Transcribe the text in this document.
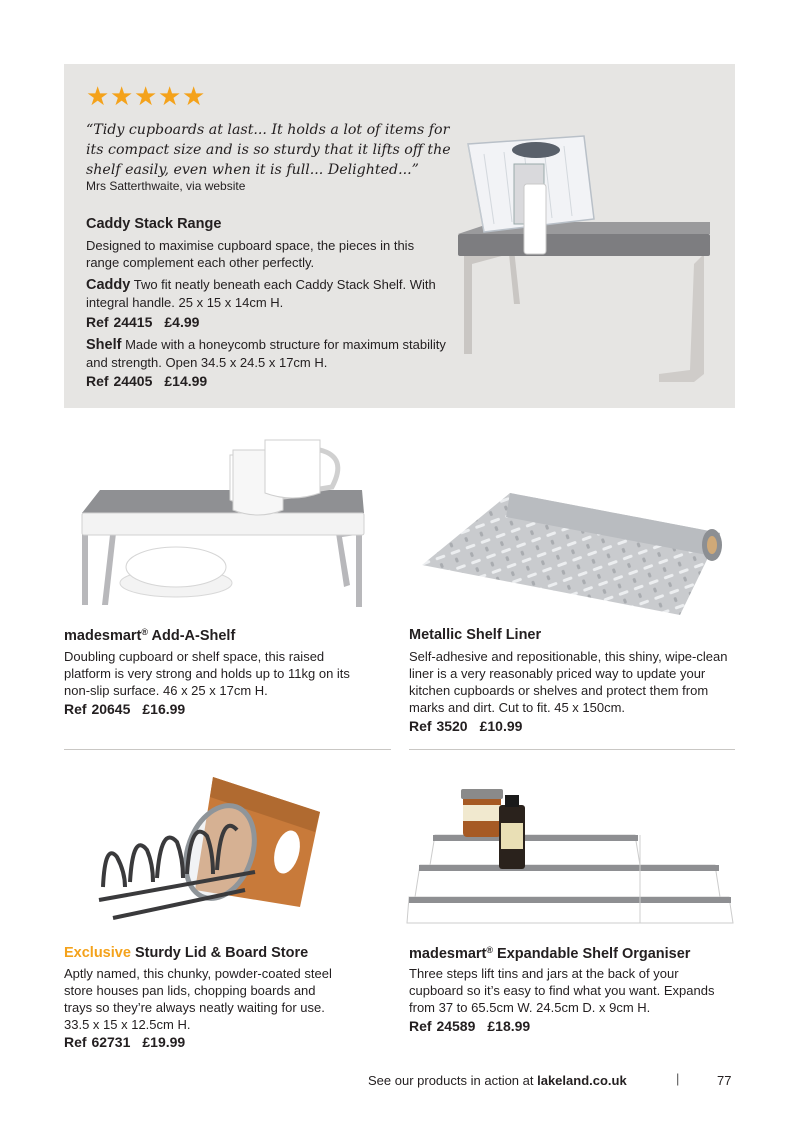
★ ★ ★ ★ ★
“Tidy cupboards at last... It holds a lot of items for its compact size and is so sturdy that it lifts off the shelf easily, even when it is full... Delighted...”
Mrs Satterthwaite, via website
Caddy Stack Range
Designed to maximise cupboard space, the pieces in this range complement each other perfectly.
Caddy Two fit neatly beneath each Caddy Stack Shelf. With integral handle. 25 x 15 x 14cm H.
Ref 24415 £4.99
Shelf Made with a honeycomb structure for maximum stability and strength. Open 34.5 x 24.5 x 17cm H.
Ref 24405 £14.99
madesmart® Add-A-Shelf
Doubling cupboard or shelf space, this raised platform is very strong and holds up to 11kg on its non-slip surface. 46 x 25 x 17cm H.
Ref 20645 £16.99
Metallic Shelf Liner
Self-adhesive and repositionable, this shiny, wipe-clean liner is a very reasonably priced way to update your kitchen cupboards or shelves and protect them from marks and dirt. Cut to fit. 45 x 150cm.
Ref 3520 £10.99
Exclusive Sturdy Lid & Board Store
Aptly named, this chunky, powder-coated steel store houses pan lids, chopping boards and trays so they’re always neatly waiting for use. 33.5 x 15 x 12.5cm H.
Ref 62731 £19.99
madesmart® Expandable Shelf Organiser
Three steps lift tins and jars at the back of your cupboard so it’s easy to find what you want. Expands from 37 to 65.5cm W. 24.5cm D. x 9cm H.
Ref 24589 £18.99
See our products in action at lakeland.co.uk	|	77
